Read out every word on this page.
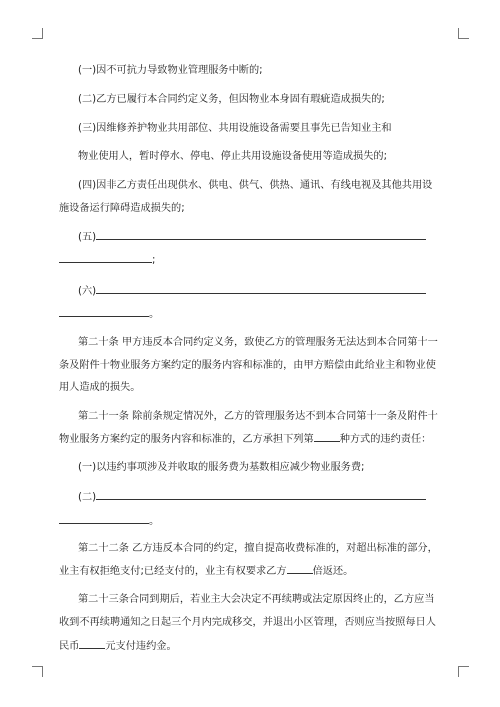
(一)因不可抗力导致物业管理服务中断的;
(二)乙方已履行本合同约定义务，但因物业本身固有瑕疵造成损失的;
(三)因维修养护物业共用部位、共用设施设备需要且事先已告知业主和
物业使用人，暂时停水、停电、停止共用设施设备使用等造成损失的;
(四)因非乙方责任出现供水、供电、供气、供热、通讯、有线电视及其他共用设
施设备运行障碍造成损失的;
(五)
;
(六)
。
第二十条 甲方违反本合同约定义务，致使乙方的管理服务无法达到本合同第十一
条及附件十物业服务方案约定的服务内容和标准的，由甲方赔偿由此给业主和物业使
用人造成的损失。
第二十一条 除前条规定情况外，乙方的管理服务达不到本合同第十一条及附件十
物业服务方案约定的服务内容和标准的，乙方承担下列第	种方式的违约责任：
(一)以违约事项涉及并收取的服务费为基数相应减少物业服务费;
(二)
。
第二十二条 乙方违反本合同的约定，擅自提高收费标准的，对超出标准的部分，
业主有权拒绝支付;已经支付的，业主有权要求乙方	倍返还。
第二十三条合同到期后，若业主大会决定不再续聘或法定原因终止的，乙方应当
收到不再续聘通知之日起三个月内完成移交，并退出小区管理，否则应当按照每日人
民币	元支付违约金。
